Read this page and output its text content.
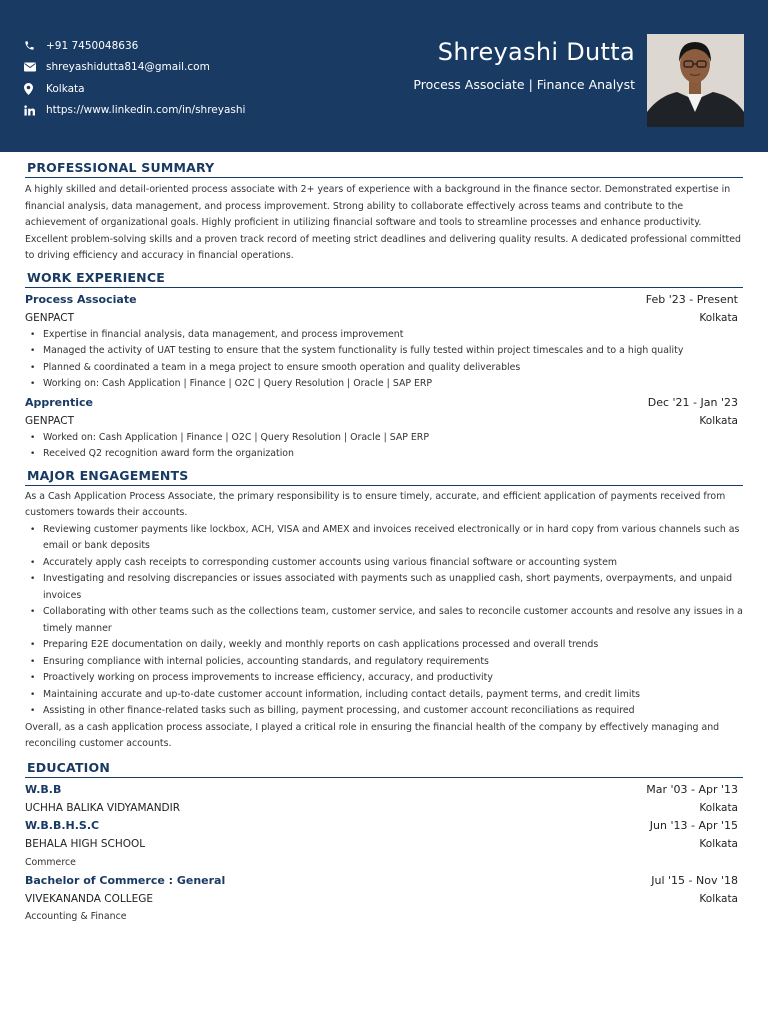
+91 7450048636
shreyashidutta814@gmail.com
Kolkata
https://www.linkedin.com/in/shreyashi
Shreyashi Dutta
Process Associate | Finance Analyst
PROFESSIONAL SUMMARY
A highly skilled and detail-oriented process associate with 2+ years of experience with a background in the finance sector. Demonstrated expertise in financial analysis, data management, and process improvement. Strong ability to collaborate effectively across teams and contribute to the achievement of organizational goals. Highly proficient in utilizing financial software and tools to streamline processes and enhance productivity. Excellent problem-solving skills and a proven track record of meeting strict deadlines and delivering quality results. A dedicated professional committed to driving efficiency and accuracy in financial operations.
WORK EXPERIENCE
Process Associate	Feb '23 - Present
GENPACT	Kolkata
• Expertise in financial analysis, data management, and process improvement
• Managed the activity of UAT testing to ensure that the system functionality is fully tested within project timescales and to a high quality
• Planned & coordinated a team in a mega project to ensure smooth operation and quality deliverables
• Working on: Cash Application | Finance | O2C | Query Resolution | Oracle | SAP ERP
Apprentice	Dec '21 - Jan '23
GENPACT	Kolkata
• Worked on: Cash Application | Finance | O2C | Query Resolution | Oracle | SAP ERP
• Received Q2 recognition award form the organization
MAJOR ENGAGEMENTS
As a Cash Application Process Associate, the primary responsibility is to ensure timely, accurate, and efficient application of payments received from customers towards their accounts.
• Reviewing customer payments like lockbox, ACH, VISA and AMEX and invoices received electronically or in hard copy from various channels such as email or bank deposits
• Accurately apply cash receipts to corresponding customer accounts using various financial software or accounting system
• Investigating and resolving discrepancies or issues associated with payments such as unapplied cash, short payments, overpayments, and unpaid invoices
• Collaborating with other teams such as the collections team, customer service, and sales to reconcile customer accounts and resolve any issues in a timely manner
• Preparing E2E documentation on daily, weekly and monthly reports on cash applications processed and overall trends
• Ensuring compliance with internal policies, accounting standards, and regulatory requirements
• Proactively working on process improvements to increase efficiency, accuracy, and productivity
• Maintaining accurate and up-to-date customer account information, including contact details, payment terms, and credit limits
• Assisting in other finance-related tasks such as billing, payment processing, and customer account reconciliations as required
Overall, as a cash application process associate, I played a critical role in ensuring the financial health of the company by effectively managing and reconciling customer accounts.
EDUCATION
W.B.B	Mar '03 - Apr '13
UCHHA BALIKA VIDYAMANDIR	Kolkata
W.B.B.H.S.C	Jun '13 - Apr '15
BEHALA HIGH SCHOOL	Kolkata
Commerce
Bachelor of Commerce : General	Jul '15 - Nov '18
VIVEKANANDA COLLEGE	Kolkata
Accounting & Finance
